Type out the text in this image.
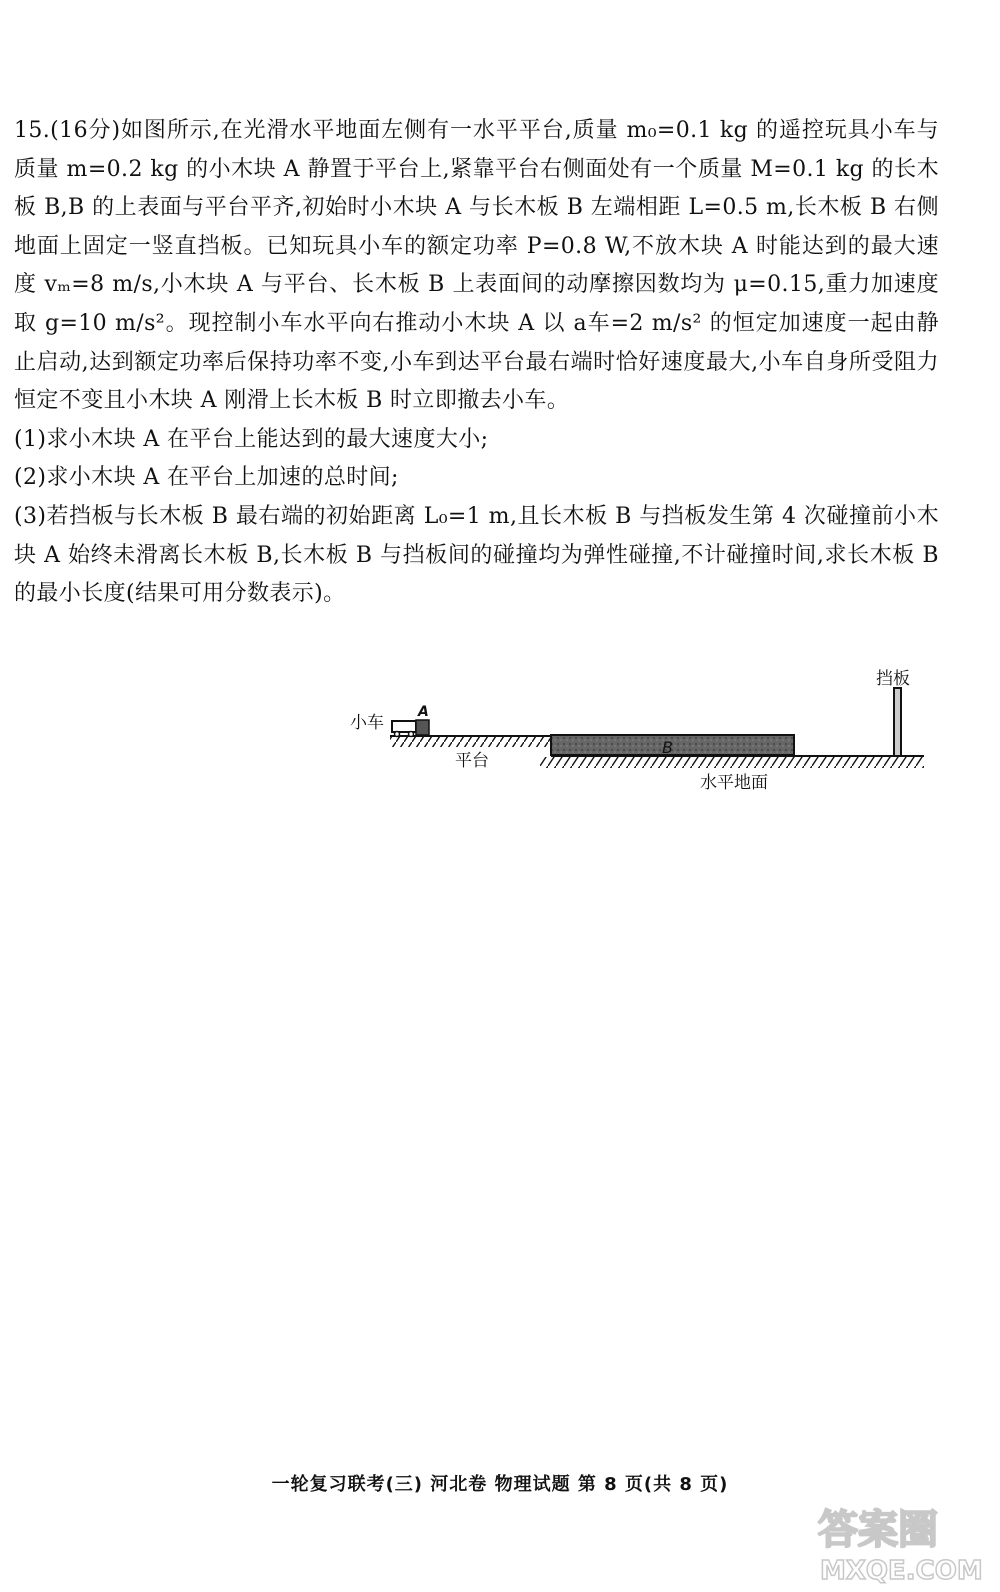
15.(16分)如图所示,在光滑水平地面左侧有一水平平台,质量 m₀=0.1 kg 的遥控玩具小车与质量 m=0.2 kg 的小木块 A 静置于平台上,紧靠平台右侧面处有一个质量 M=0.1 kg 的长木板 B,B 的上表面与平台平齐,初始时小木块 A 与长木板 B 左端相距 L=0.5 m,长木板 B 右侧地面上固定一竖直挡板。已知玩具小车的额定功率 P=0.8 W,不放木块 A 时能达到的最大速度 vₘ=8 m/s,小木块 A 与平台、长木板 B 上表面间的动摩擦因数均为 μ=0.15,重力加速度取 g=10 m/s²。现控制小车水平向右推动小木块 A 以 a车=2 m/s² 的恒定加速度一起由静止启动,达到额定功率后保持功率不变,小车到达平台最右端时恰好速度最大,小车自身所受阻力恒定不变且小木块 A 刚滑上长木板 B 时立即撤去小车。

(1)求小木块 A 在平台上能达到的最大速度大小;

(2)求小木块 A 在平台上加速的总时间;

(3)若挡板与长木板 B 最右端的初始距离 L₀=1 m,且长木板 B 与挡板发生第 4 次碰撞前小木块 A 始终未滑离长木板 B,长木板 B 与挡板间的碰撞均为弹性碰撞,不计碰撞时间,求长木板 B 的最小长度(结果可用分数表示)。

B
挡板
小车
A
平台
水平地面
一轮复习联考(三) 河北卷 物理试题 第 8 页(共 8 页)
答案圈
MXQE.COM
